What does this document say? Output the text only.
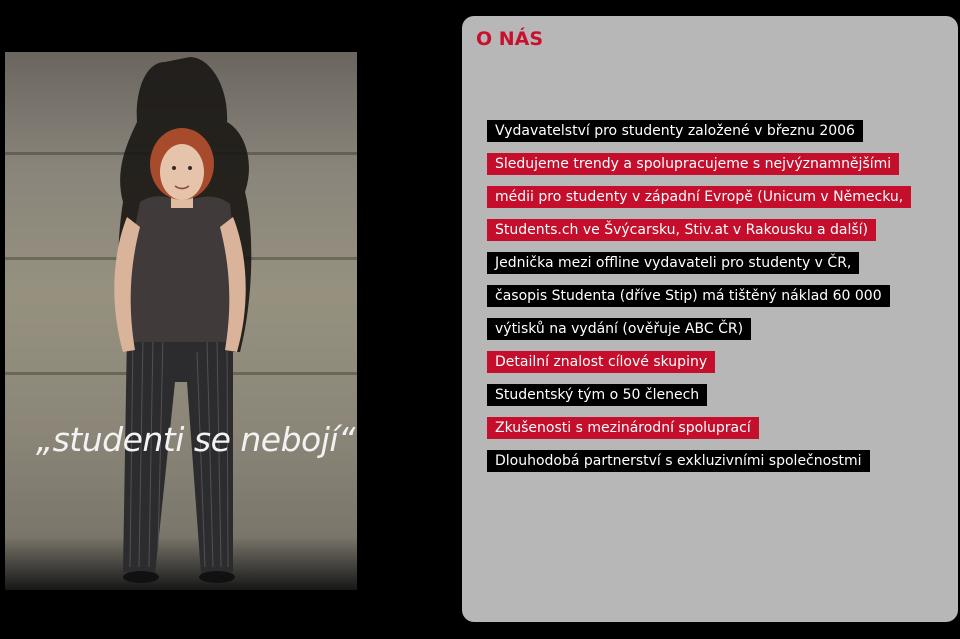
„studenti se nebojí“
O NÁS
Vydavatelství pro studenty založené v březnu 2006
Sledujeme trendy a spolupracujeme s nejvýznamnějšími
médii pro studenty v západní Evropě (Unicum v Německu,
Students.ch ve Švýcarsku, Stiv.at v Rakousku a další)
Jednička mezi offline vydavateli pro studenty v ČR,
časopis Studenta (dříve Stip) má tištěný náklad 60 000
výtisků na vydání (ověřuje ABC ČR)
Detailní znalost cílové skupiny
Studentský tým o 50 členech
Zkušenosti s mezinárodní spoluprací
Dlouhodobá partnerství s exkluzivními společnostmi
